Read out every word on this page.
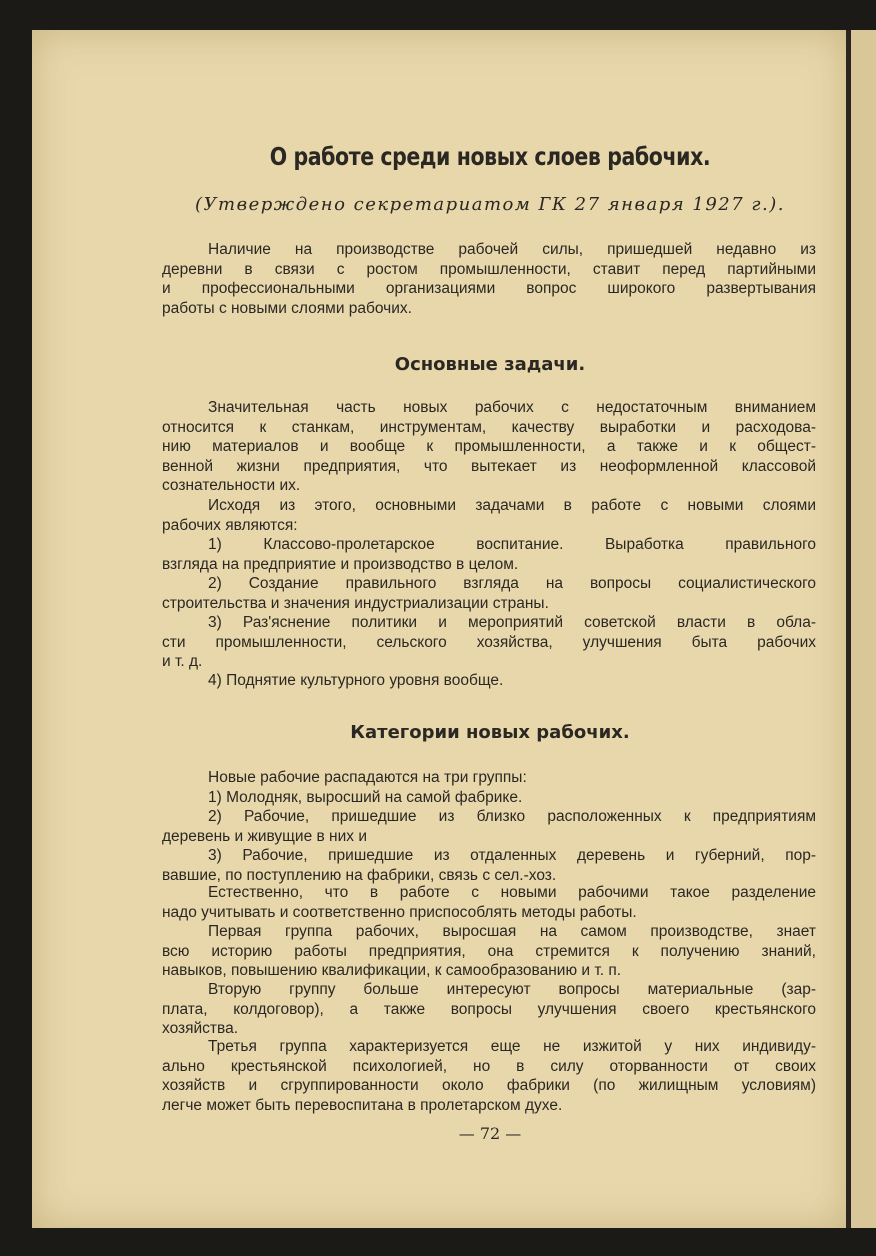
О работе среди новых слоев рабочих.
(Утверждено секретариатом ГК 27 января 1927 г.).
Наличие на производстве рабочей силы, пришедшей недавно из
деревни в связи с ростом промышленности, ставит перед партийными
и профессиональными организациями вопрос широкого развертывания
работы с новыми слоями рабочих.
Основные задачи.
Значительная часть новых рабочих с недостаточным вниманием
относится к станкам, инструментам, качеству выработки и расходова-
нию материалов и вообще к промышленности, а также и к общест-
венной жизни предприятия, что вытекает из неоформленной классовой
сознательности их.
Исходя из этого, основными задачами в работе с новыми слоями
рабочих являются:
1) Классово-пролетарское воспитание. Выработка правильного
взгляда на предприятие и производство в целом.
2) Создание правильного взгляда на вопросы социалистического
строительства и значения индустриализации страны.
3) Раз'яснение политики и мероприятий советской власти в обла-
сти промышленности, сельского хозяйства, улучшения быта рабочих
и т. д.
4) Поднятие культурного уровня вообще.
Категории новых рабочих.
Новые рабочие распадаются на три группы:
1) Молодняк, выросший на самой фабрике.
2) Рабочие, пришедшие из близко расположенных к предприятиям
деревень и живущие в них и
3) Рабочие, пришедшие из отдаленных деревень и губерний, пор-
вавшие, по поступлению на фабрики, связь с сел.-хоз.
Естественно, что в работе с новыми рабочими такое разделение
надо учитывать и соответственно приспособлять методы работы.
Первая группа рабочих, выросшая на самом производстве, знает
всю историю работы предприятия, она стремится к получению знаний,
навыков, повышению квалификации, к самообразованию и т. п.
Вторую группу больше интересуют вопросы материальные (зар-
плата, колдоговор), а также вопросы улучшения своего крестьянского
хозяйства.
Третья группа характеризуется еще не изжитой у них индивиду-
ально крестьянской психологией, но в силу оторванности от своих
хозяйств и сгруппированности около фабрики (по жилищным условиям)
легче может быть перевоспитана в пролетарском духе.
— 72 —
